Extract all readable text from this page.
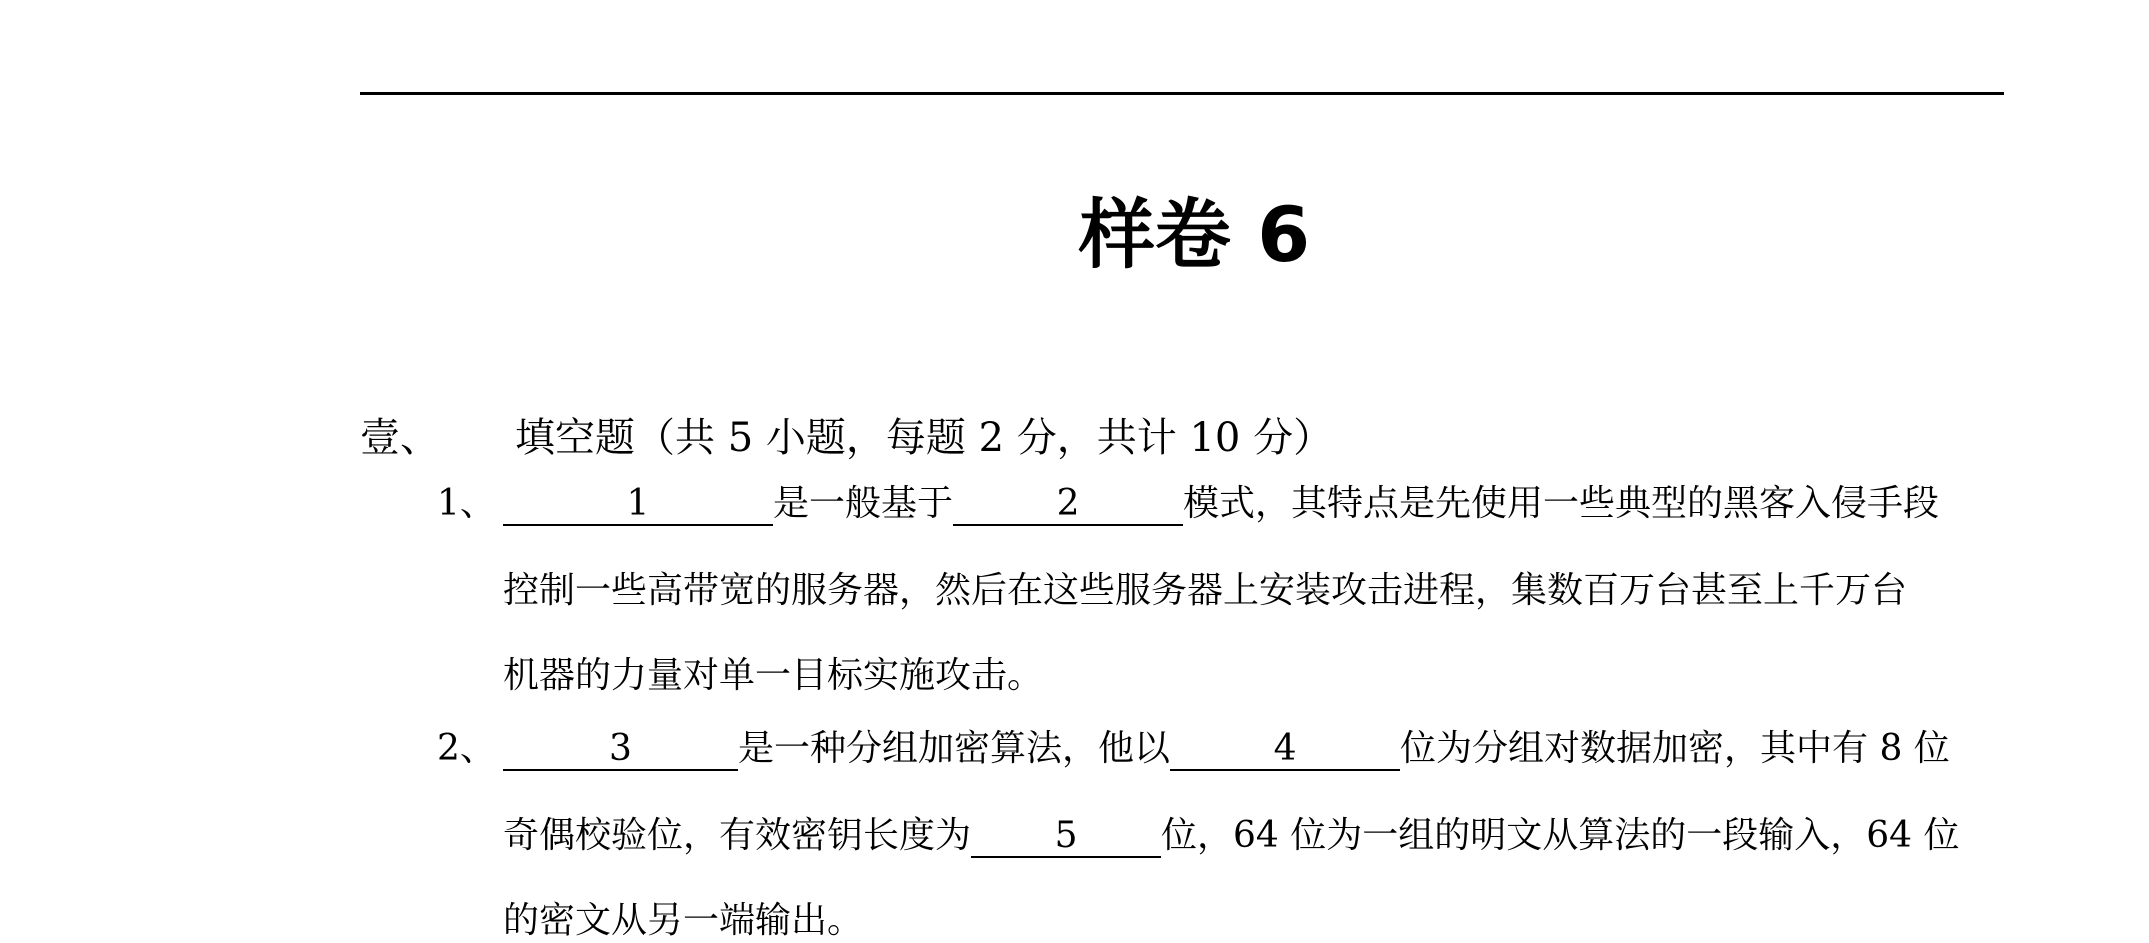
样卷 6
壹、 填空题（共 5 小题，每题 2 分，共计 10 分）
1、	1	是一般基于	2	模式，其特点是先使用一些典型的黑客入侵手段
控制一些高带宽的服务器，然后在这些服务器上安装攻击进程，集数百万台甚至上千万台
机器的力量对单一目标实施攻击。
2、	3	是一种分组加密算法，他以	4	位为分组对数据加密，其中有 8 位
奇偶校验位，有效密钥长度为 5 位，64 位为一组的明文从算法的一段输入，64 位
的密文从另一端输出。
